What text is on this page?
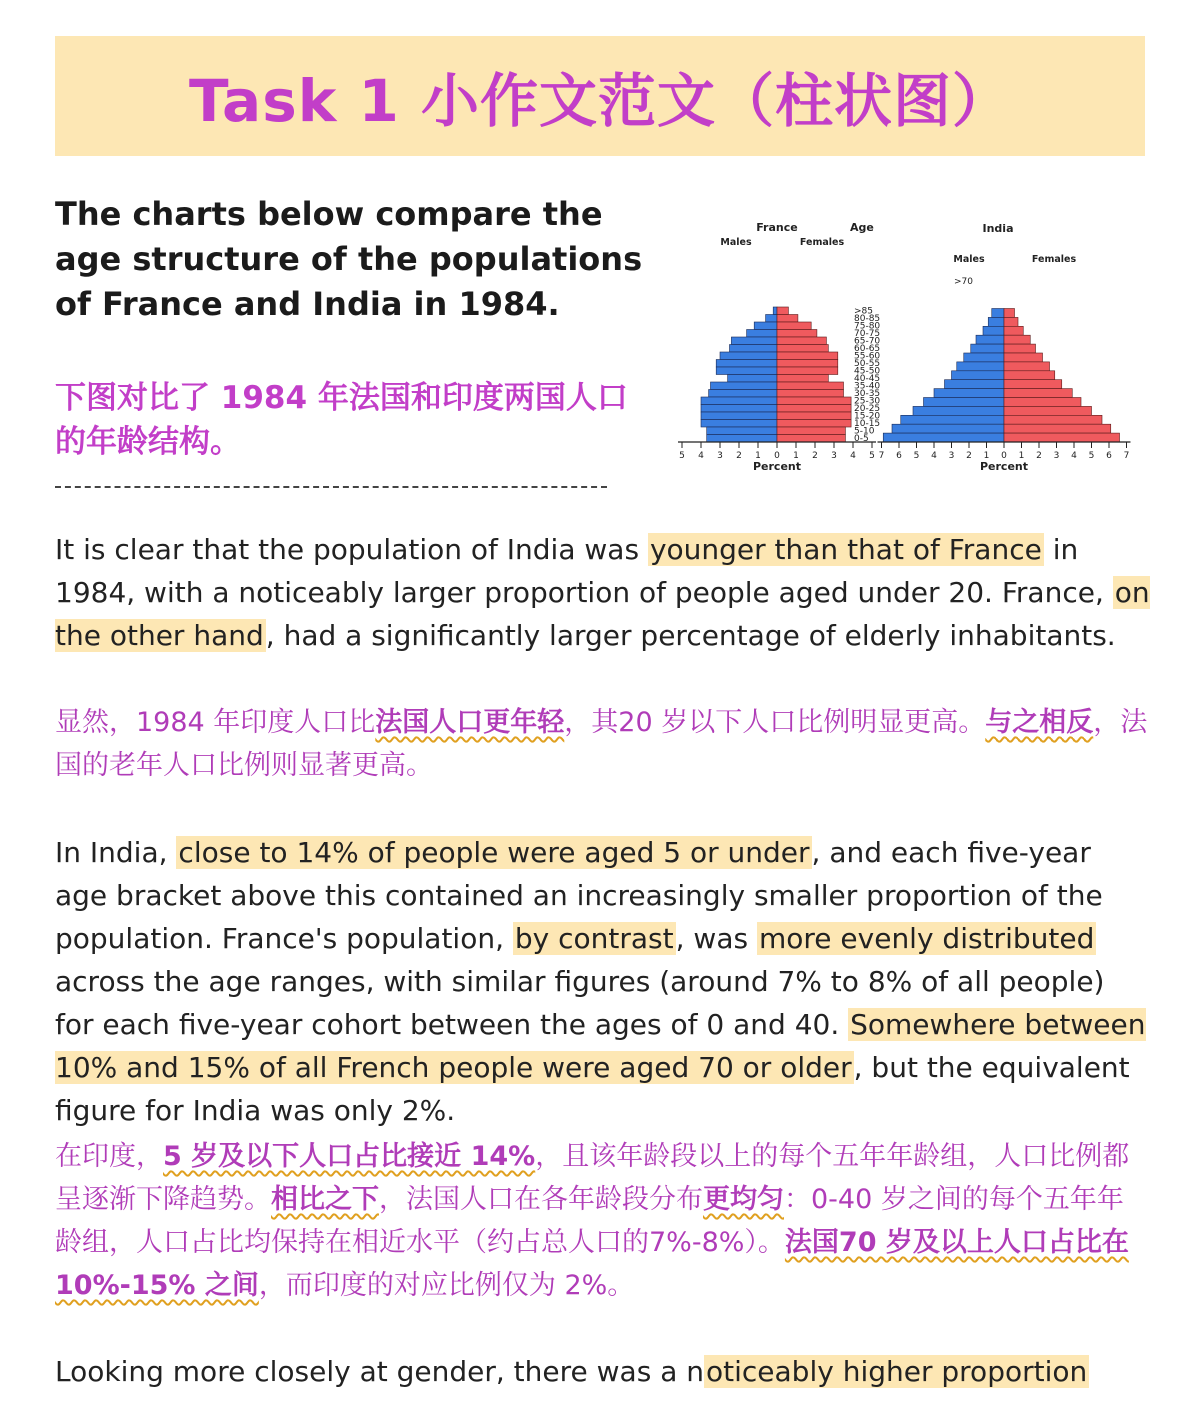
Task 1 小作文范文（柱状图）

The charts below compare the age structure of the populations of France and India in 1984.

下图对比了 1984 年法国和印度两国人口的年龄结构。

>85
80-85
75-80
70-75
65-70
60-65
55-60
50-55
45-50
40-45
35-40
30-35
25-30
20-25
15-20
10-15
5-10
0-5
5 4 3 2 1 0 1 2 3 4 5
Percent
France
Males	Females
Age
>70
7 6 5 4 3 2 1 0 1 2 3 4 5 6 7
Percent
India
Males	Females

It is clear that the population of India was younger than that of France in 1984, with a noticeably larger proportion of people aged under 20. France, on the other hand, had a significantly larger percentage of elderly inhabitants.

显然，1984 年印度人口比法国人口更年轻，其20 岁以下人口比例明显更高。与之相反，法国的老年人口比例则显著更高。

In India, close to 14% of people were aged 5 or under, and each five-year age bracket above this contained an increasingly smaller proportion of the population. France's population, by contrast, was more evenly distributed across the age ranges, with similar figures (around 7% to 8% of all people) for each five-year cohort between the ages of 0 and 40. Somewhere between 10% and 15% of all French people were aged 70 or older, but the equivalent figure for India was only 2%.

在印度，5 岁及以下人口占比接近 14%，且该年龄段以上的每个五年年龄组，人口比例都呈逐渐下降趋势。相比之下，法国人口在各年龄段分布更均匀：0-40 岁之间的每个五年年龄组，人口占比均保持在相近水平（约占总人口的7%-8%）。法国70 岁及以上人口占比在 10%-15% 之间，而印度的对应比例仅为 2%。

Looking more closely at gender, there was a noticeably higher proportion
